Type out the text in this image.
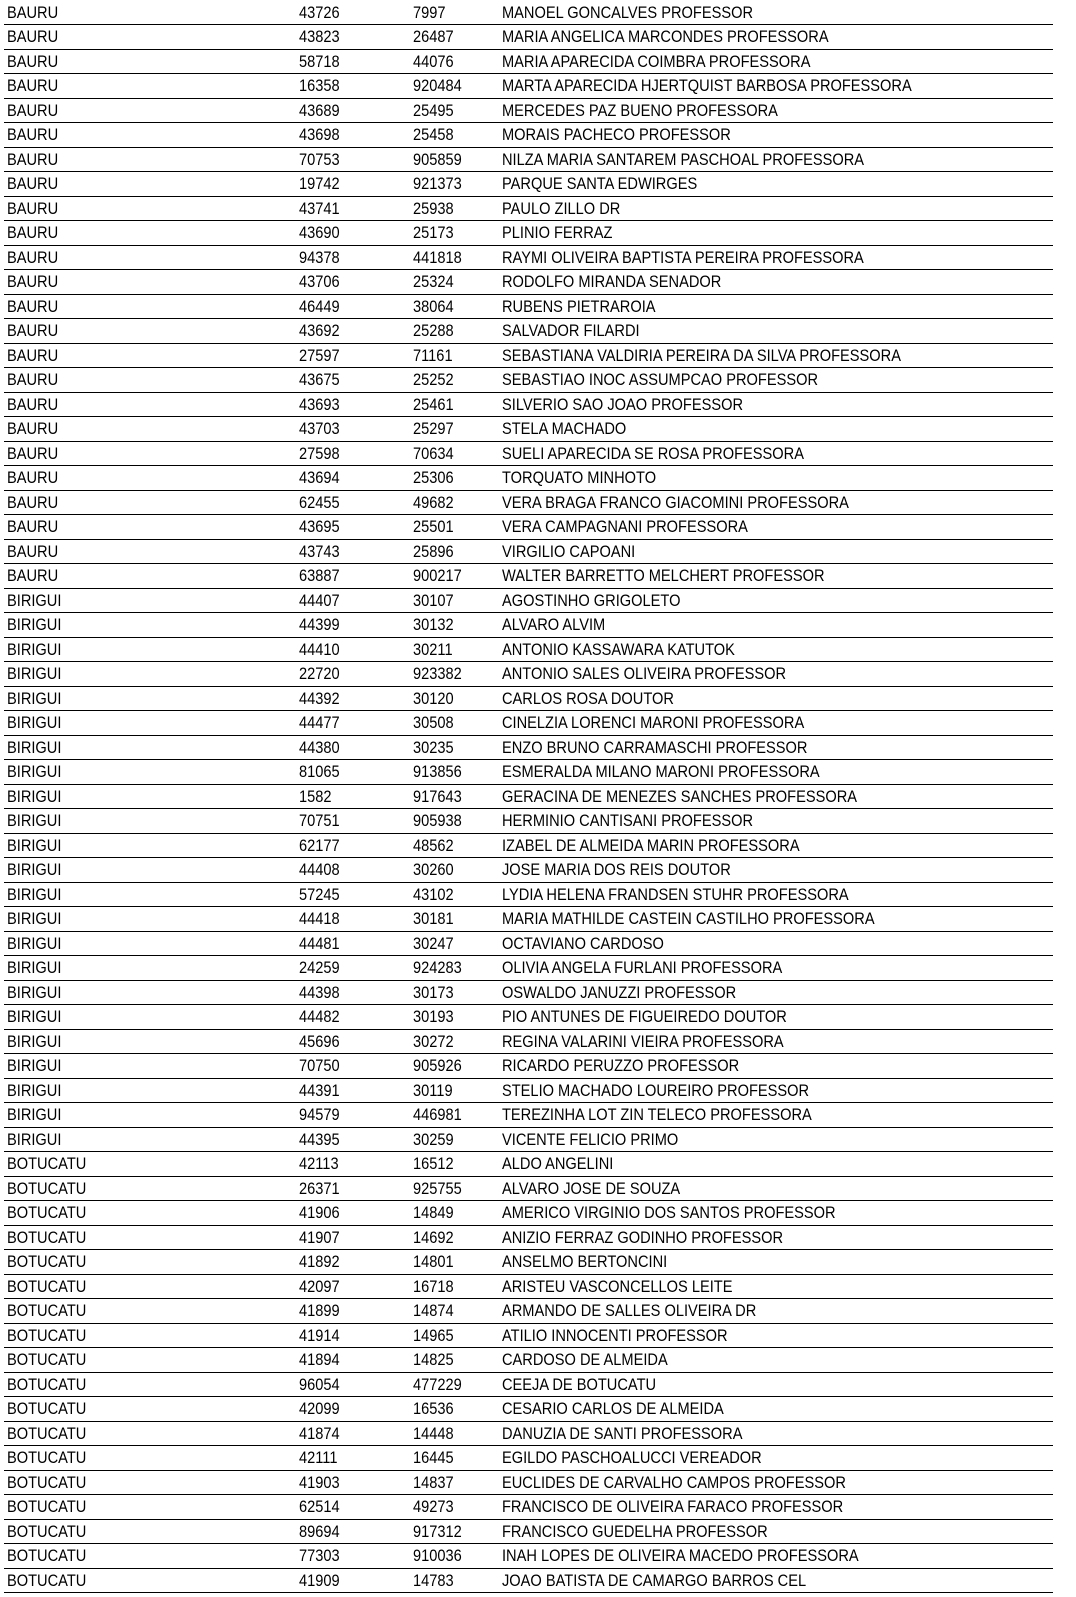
BAURU	43726	7997	MANOEL GONCALVES PROFESSOR
BAURU	43823	26487	MARIA ANGELICA MARCONDES PROFESSORA
BAURU	58718	44076	MARIA APARECIDA COIMBRA PROFESSORA
BAURU	16358	920484	MARTA APARECIDA HJERTQUIST BARBOSA PROFESSORA
BAURU	43689	25495	MERCEDES PAZ BUENO PROFESSORA
BAURU	43698	25458	MORAIS PACHECO PROFESSOR
BAURU	70753	905859	NILZA MARIA SANTAREM PASCHOAL PROFESSORA
BAURU	19742	921373	PARQUE SANTA EDWIRGES
BAURU	43741	25938	PAULO ZILLO DR
BAURU	43690	25173	PLINIO FERRAZ
BAURU	94378	441818	RAYMI OLIVEIRA BAPTISTA PEREIRA PROFESSORA
BAURU	43706	25324	RODOLFO MIRANDA SENADOR
BAURU	46449	38064	RUBENS PIETRAROIA
BAURU	43692	25288	SALVADOR FILARDI
BAURU	27597	71161	SEBASTIANA VALDIRIA PEREIRA DA SILVA PROFESSORA
BAURU	43675	25252	SEBASTIAO INOC ASSUMPCAO PROFESSOR
BAURU	43693	25461	SILVERIO SAO JOAO PROFESSOR
BAURU	43703	25297	STELA MACHADO
BAURU	27598	70634	SUELI APARECIDA SE ROSA PROFESSORA
BAURU	43694	25306	TORQUATO MINHOTO
BAURU	62455	49682	VERA BRAGA FRANCO GIACOMINI PROFESSORA
BAURU	43695	25501	VERA CAMPAGNANI PROFESSORA
BAURU	43743	25896	VIRGILIO CAPOANI
BAURU	63887	900217	WALTER BARRETTO MELCHERT PROFESSOR
BIRIGUI	44407	30107	AGOSTINHO GRIGOLETO
BIRIGUI	44399	30132	ALVARO ALVIM
BIRIGUI	44410	30211	ANTONIO KASSAWARA KATUTOK
BIRIGUI	22720	923382	ANTONIO SALES OLIVEIRA PROFESSOR
BIRIGUI	44392	30120	CARLOS ROSA DOUTOR
BIRIGUI	44477	30508	CINELZIA LORENCI MARONI PROFESSORA
BIRIGUI	44380	30235	ENZO BRUNO CARRAMASCHI PROFESSOR
BIRIGUI	81065	913856	ESMERALDA MILANO MARONI PROFESSORA
BIRIGUI	1582	917643	GERACINA DE MENEZES SANCHES PROFESSORA
BIRIGUI	70751	905938	HERMINIO CANTISANI PROFESSOR
BIRIGUI	62177	48562	IZABEL DE ALMEIDA MARIN PROFESSORA
BIRIGUI	44408	30260	JOSE MARIA DOS REIS DOUTOR
BIRIGUI	57245	43102	LYDIA HELENA FRANDSEN STUHR PROFESSORA
BIRIGUI	44418	30181	MARIA MATHILDE CASTEIN CASTILHO PROFESSORA
BIRIGUI	44481	30247	OCTAVIANO CARDOSO
BIRIGUI	24259	924283	OLIVIA ANGELA FURLANI PROFESSORA
BIRIGUI	44398	30173	OSWALDO JANUZZI PROFESSOR
BIRIGUI	44482	30193	PIO ANTUNES DE FIGUEIREDO DOUTOR
BIRIGUI	45696	30272	REGINA VALARINI VIEIRA PROFESSORA
BIRIGUI	70750	905926	RICARDO PERUZZO PROFESSOR
BIRIGUI	44391	30119	STELIO MACHADO LOUREIRO PROFESSOR
BIRIGUI	94579	446981	TEREZINHA LOT ZIN TELECO PROFESSORA
BIRIGUI	44395	30259	VICENTE FELICIO PRIMO
BOTUCATU	42113	16512	ALDO ANGELINI
BOTUCATU	26371	925755	ALVARO JOSE DE SOUZA
BOTUCATU	41906	14849	AMERICO VIRGINIO DOS SANTOS PROFESSOR
BOTUCATU	41907	14692	ANIZIO FERRAZ GODINHO PROFESSOR
BOTUCATU	41892	14801	ANSELMO BERTONCINI
BOTUCATU	42097	16718	ARISTEU VASCONCELLOS LEITE
BOTUCATU	41899	14874	ARMANDO DE SALLES OLIVEIRA DR
BOTUCATU	41914	14965	ATILIO INNOCENTI PROFESSOR
BOTUCATU	41894	14825	CARDOSO DE ALMEIDA
BOTUCATU	96054	477229	CEEJA DE BOTUCATU
BOTUCATU	42099	16536	CESARIO CARLOS DE ALMEIDA
BOTUCATU	41874	14448	DANUZIA DE SANTI PROFESSORA
BOTUCATU	42111	16445	EGILDO PASCHOALUCCI VEREADOR
BOTUCATU	41903	14837	EUCLIDES DE CARVALHO CAMPOS PROFESSOR
BOTUCATU	62514	49273	FRANCISCO DE OLIVEIRA FARACO PROFESSOR
BOTUCATU	89694	917312	FRANCISCO GUEDELHA PROFESSOR
BOTUCATU	77303	910036	INAH LOPES DE OLIVEIRA MACEDO PROFESSORA
BOTUCATU	41909	14783	JOAO BATISTA DE CAMARGO BARROS CEL
